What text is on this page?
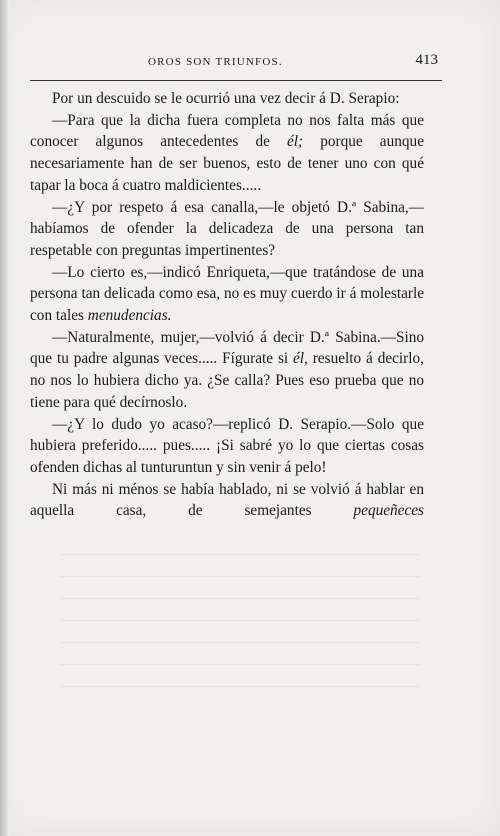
OROS SON TRIUNFOS.	413

Por un descuido se le ocurrió una vez decir á D. Serapio:

—Para que la dicha fuera completa no nos falta más que conocer algunos antecedentes de él; porque aunque necesariamente han de ser buenos, esto de tener uno con qué tapar la boca á cuatro maldicientes.....

—¿Y por respeto á esa canalla,—le objetó D.ª Sabina,—habíamos de ofender la delicadeza de una persona tan respetable con preguntas impertinentes?

—Lo cierto es,—indicó Enriqueta,—que tratándose de una persona tan delicada como esa, no es muy cuerdo ir á molestarle con tales menudencias.

—Naturalmente, mujer,—volvió á decir D.ª Sabina.—Sino que tu padre algunas veces..... Fígurate si él, resuelto á decirlo, no nos lo hubiera dicho ya. ¿Se calla? Pues eso prueba que no tiene para qué decírnoslo.

—¿Y lo dudo yo acaso?—replicó D. Serapio.—Solo que hubiera preferido..... pues..... ¡Si sabré yo lo que ciertas cosas ofenden dichas al tunturuntun y sin venir á pelo!

Ni más ni ménos se había hablado, ni se volvió á hablar en aquella casa, de semejantes pequeñeces
